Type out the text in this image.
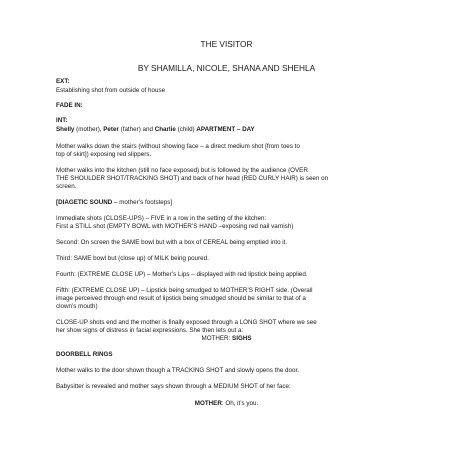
THE VISITOR
BY SHAMILLA, NICOLE, SHANA AND SHEHLA
EXT:
Establishing shot from outside of house
FADE IN:
INT:
Shelly (mother), Peter (father) and Charlie (child) APARTMENT – DAY
Mother walks down the stairs (without showing face – a direct medium shot [from toes to
top of skirt]) exposing red slippers.
Mother walks into the kitchen (still no face exposed) but is followed by the audience (OVER
THE SHOULDER SHOT/TRACKING SHOT) and back of her head (RED CURLY HAIR) is seen on
screen.
[DIAGETIC SOUND – mother’s footsteps]
Immediate shots (CLOSE-UPS) – FIVE in a row in the setting of the kitchen:
First a STILL shot (EMPTY BOWL with MOTHER’S HAND –exposing red nail varnish)
Second: On screen the SAME bowl but with a box of CEREAL being emptied into it.
Third: SAME bowl but (close up) of MILK being poured.
Fourth: (EXTREME CLOSE UP) – Mother’s Lips – displayed with red lipstick being applied.
Fifth: (EXTREME CLOSE UP) – Lipstick being smudged to MOTHER’S RIGHT side. (Overall
image perceived through end result of lipstick being smudged should be similar to that of a
clown’s mouth)
CLOSE-UP shots end and the mother is finally exposed through a LONG SHOT where we see
her show signs of distress in facial expressions. She then lets out a:
MOTHER: SIGHS
DOORBELL RINGS
Mother walks to the door shown though a TRACKING SHOT and slowly opens the door.
Babysitter is revealed and mother says shown through a MEDIUM SHOT of her face:
MOTHER: Oh, it’s you.
